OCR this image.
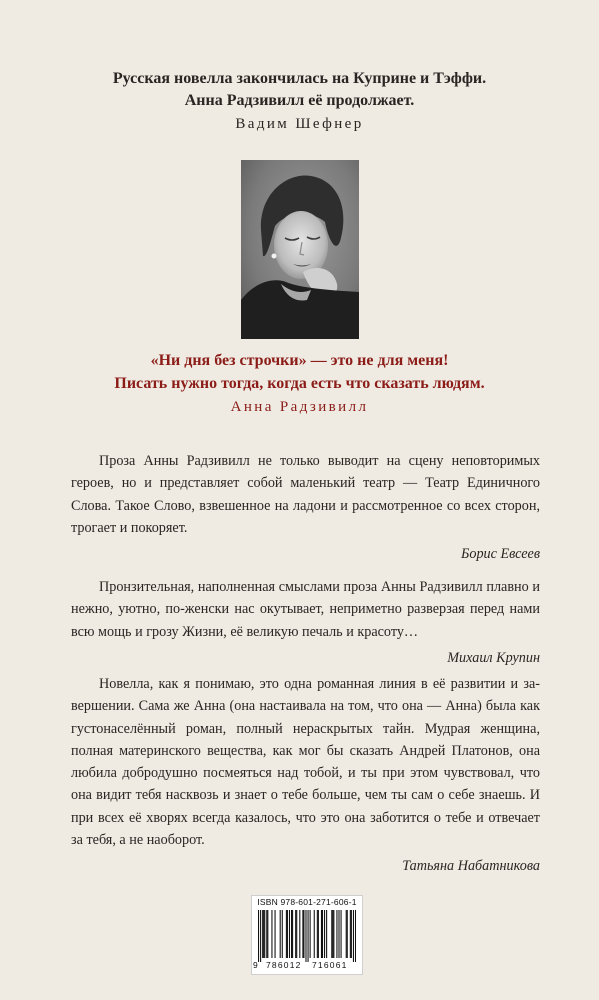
Русская новелла закончилась на Куприне и Тэффи.
Анна Радзивилл её продолжает.
Вадим Шефнер
«Ни дня без строчки» — это не для меня!
Писать нужно тогда, когда есть что сказать людям.
Анна Радзивилл

Проза Анны Радзивилл не только выводит на сцену неповторимых героев, но и представляет собой маленький театр — Театр Единичного Слова. Такое Слово, взвешенное на ладони и рассмотренное со всех сторон, трогает и покоряет.

Борис Евсеев

Пронзительная, наполненная смыслами проза Анны Радзивилл плавно и нежно, уютно, по-женски нас окутывает, неприметно разверзая перед нами всю мощь и грозу Жизни, её великую печаль и красоту…

Михаил Крупин

Новелла, как я понимаю, это одна романная линия в её развитии и завершении. Сама же Анна (она настаивала на том, что она — Анна) была как густонаселённый роман, полный нераскрытых тайн. Мудрая женщина, полная материнского вещества, как мог бы сказать Андрей Платонов, она любила добродушно посмеяться над тобой, и ты при этом чувствовал, что она видит тебя насквозь и знает о тебе больше, чем ты сам о себе знаешь. И при всех её хворях всегда казалось, что это она заботится о тебе и отвечает за тебя, а не наоборот.

Татьяна Набатникова
ISBN 978-601-271-606-1
9 786012 716061
